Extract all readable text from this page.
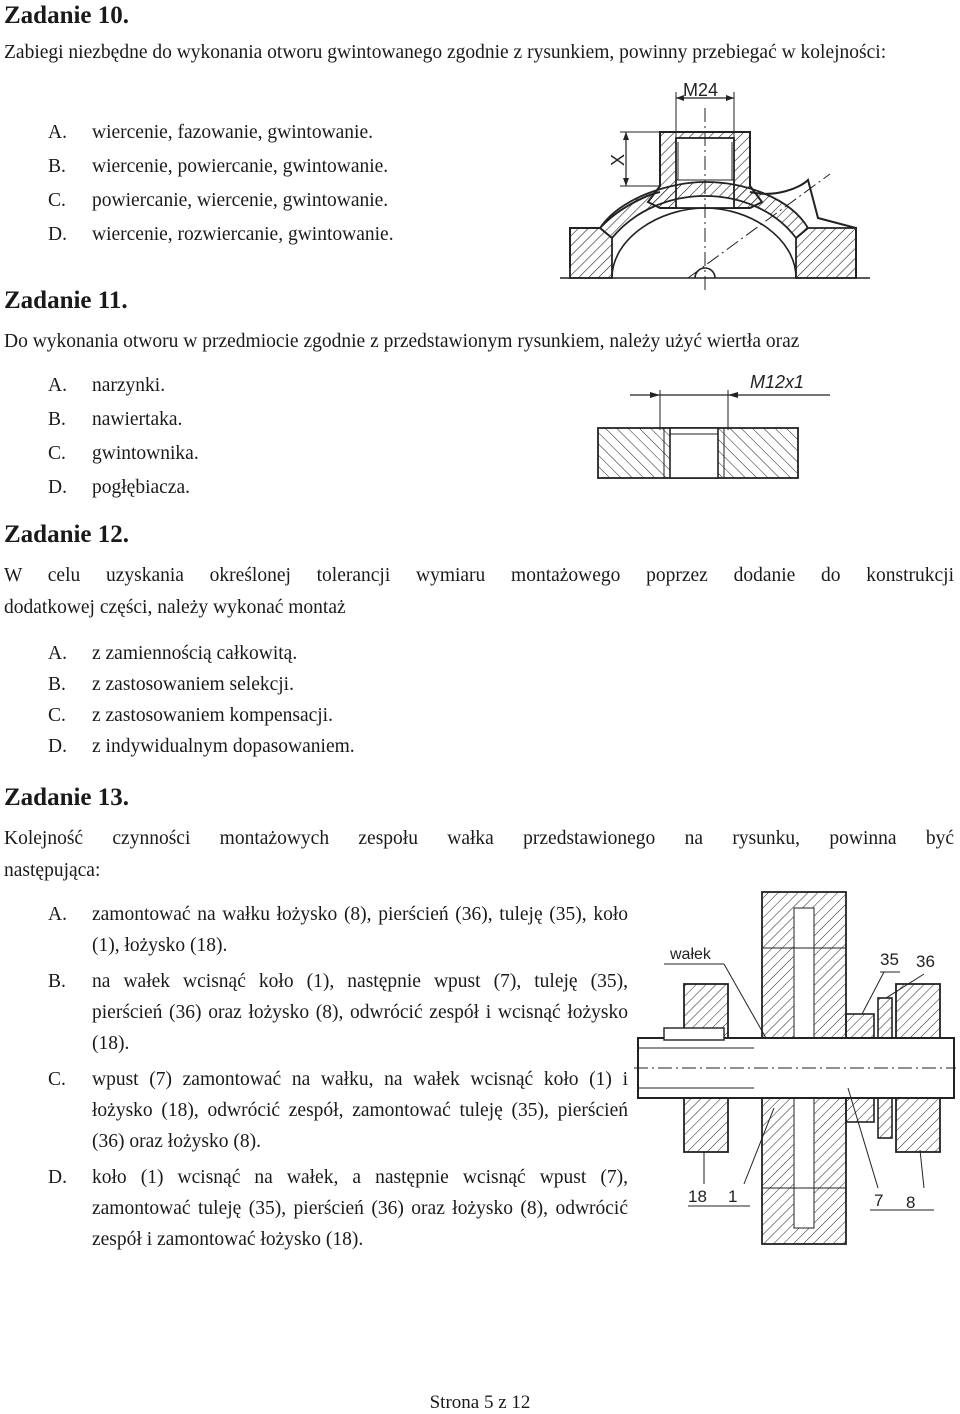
Zadanie 10.

Zabiegi niezbędne do wykonania otworu gwintowanego zgodnie z rysunkiem, powinny przebiegać w kolejności:

A. wiercenie, fazowanie, gwintowanie.
B. wiercenie, powiercanie, gwintowanie.
C. powiercanie, wiercenie, gwintowanie.
D. wiercenie, rozwiercanie, gwintowanie.
M24
X
Zadanie 11.

Do wykonania otworu w przedmiocie zgodnie z przedstawionym rysunkiem, należy użyć wiertła oraz

A. narzynki.
B. nawiertaka.
C. gwintownika.
D. pogłębiacza.
M12x1
Zadanie 12.

W celu uzyskania określonej tolerancji wymiaru montażowego poprzez dodanie do konstrukcji

dodatkowej części, należy wykonać montaż

A. z zamiennością całkowitą.
B. z zastosowaniem selekcji.
C. z zastosowaniem kompensacji.
D. z indywidualnym dopasowaniem.
Zadanie 13.

Kolejność czynności montażowych zespołu wałka przedstawionego na rysunku, powinna być

następująca:

A. zamontować na wałku łożysko (8), pierścień (36), tuleję (35), koło (1), łożysko (18).
B. na wałek wcisnąć koło (1), następnie wpust (7), tuleję (35), pierścień (36) oraz łożysko (8), odwrócić zespół i wcisnąć łożysko (18).
C. wpust (7) zamontować na wałku, na wałek wcisnąć koło (1) i łożysko (18), odwrócić zespół, zamontować tuleję (35), pierścień (36) oraz łożysko (8).
D. koło (1) wcisnąć na wałek, a następnie wcisnąć wpust (7), zamontować tuleję (35), pierścień (36) oraz łożysko (8), odwrócić zespół i zamontować łożysko (18).
wałek	35 36
18 1	7 8
Strona 5 z 12
